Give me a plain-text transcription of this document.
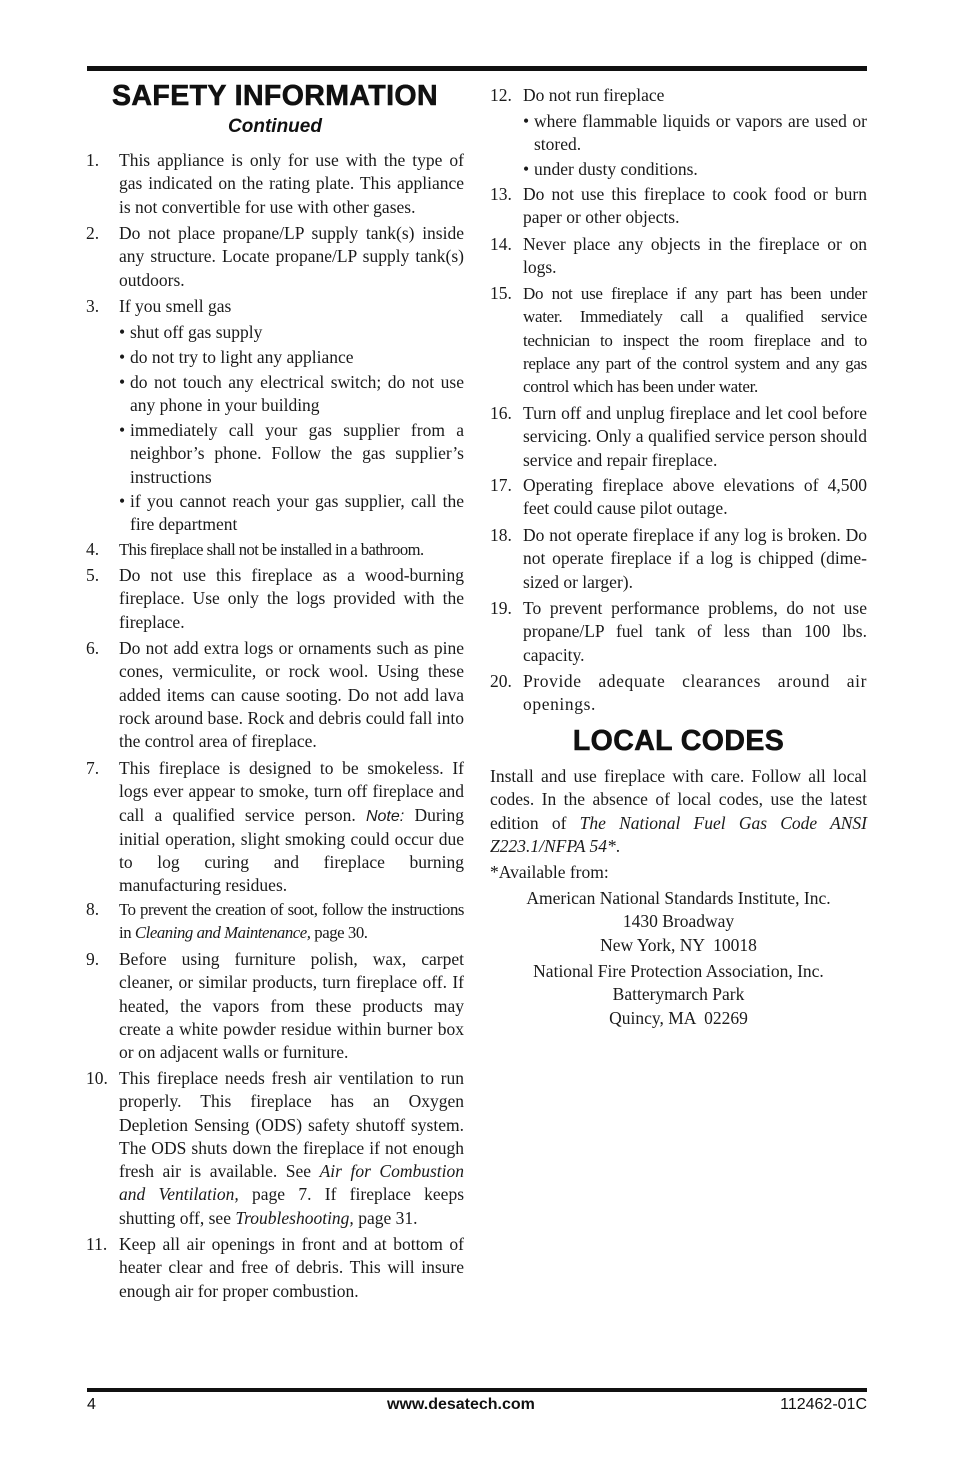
SAFETY INFORMATION
Continued
1. This appliance is only for use with the type of gas indicated on the rating plate. This appliance is not convertible for use with other gases.
2. Do not place propane/LP supply tank(s) inside any structure. Locate propane/LP supply tank(s) outdoors.
3. If you smell gas
• shut off gas supply
• do not try to light any appliance
• do not touch any electrical switch; do not use any phone in your building
• immediately call your gas supplier from a neighbor’s phone. Follow the gas supplier’s instructions
• if you cannot reach your gas supplier, call the fire department
4. This fireplace shall not be installed in a bathroom.
5. Do not use this fireplace as a wood-burning fireplace. Use only the logs provided with the fireplace.
6. Do not add extra logs or ornaments such as pine cones, vermiculite, or rock wool. Using these added items can cause sooting. Do not add lava rock around base. Rock and debris could fall into the control area of fireplace.
7. This fireplace is designed to be smokeless. If logs ever appear to smoke, turn off fireplace and call a qualified service person. Note: During initial operation, slight smoking could occur due to log curing and fireplace burning manufacturing residues.
8. To prevent the creation of soot, follow the instructions in Cleaning and Maintenance, page 30.
9. Before using furniture polish, wax, carpet cleaner, or similar products, turn fireplace off. If heated, the vapors from these products may create a white powder residue within burner box or on adjacent walls or furniture.
10. This fireplace needs fresh air ventilation to run properly. This fireplace has an Oxygen Depletion Sensing (ODS) safety shutoff system. The ODS shuts down the fireplace if not enough fresh air is available. See Air for Combustion and Ventilation, page 7. If fireplace keeps shutting off, see Troubleshooting, page 31.
11. Keep all air openings in front and at bottom of heater clear and free of debris. This will insure enough air for proper combustion.
12. Do not run fireplace
• where flammable liquids or vapors are used or stored.
• under dusty conditions.
13. Do not use this fireplace to cook food or burn paper or other objects.
14. Never place any objects in the fireplace or on logs.
15. Do not use fireplace if any part has been under water. Immediately call a qualified service technician to inspect the room fireplace and to replace any part of the control system and any gas control which has been under water.
16. Turn off and unplug fireplace and let cool before servicing. Only a qualified service person should service and repair fireplace.
17. Operating fireplace above elevations of 4,500 feet could cause pilot outage.
18. Do not operate fireplace if any log is broken. Do not operate fireplace if a log is chipped (dime-sized or larger).
19. To prevent performance problems, do not use propane/LP fuel tank of less than 100 lbs. capacity.
20. Provide adequate clearances around air openings.
LOCAL CODES
Install and use fireplace with care. Follow all local codes. In the absence of local codes, use the latest edition of The National Fuel Gas Code ANSI Z223.1/NFPA 54*.
*Available from:
American National Standards Institute, Inc.
1430 Broadway
New York, NY  10018
National Fire Protection Association, Inc.
Batterymarch Park
Quincy, MA  02269
4	www.desatech.com	112462-01C
